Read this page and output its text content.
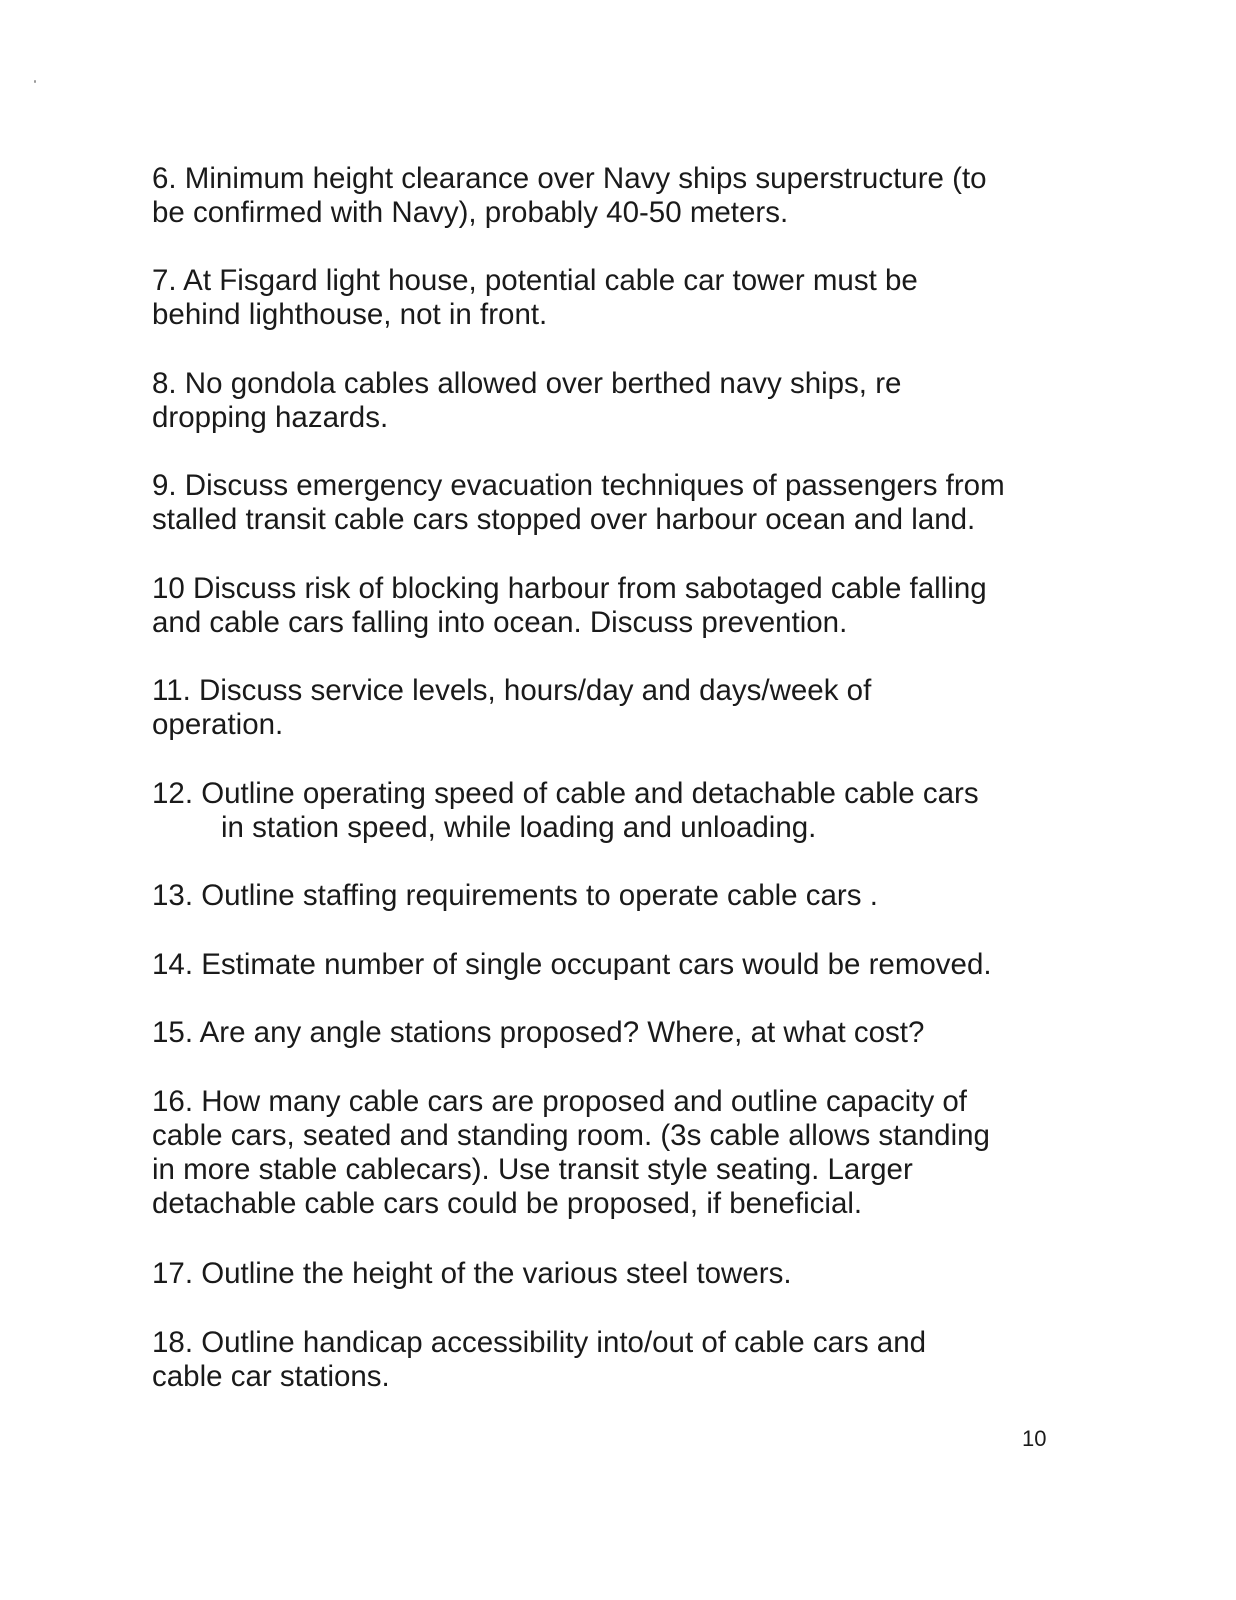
6. Minimum height clearance over Navy ships superstructure (to
be confirmed with Navy), probably 40-50 meters.
7. At Fisgard light house, potential cable car tower must be
behind lighthouse, not in front.
8. No gondola cables allowed over berthed navy ships, re
dropping hazards.
9. Discuss emergency evacuation techniques of passengers from
stalled transit cable cars stopped over harbour ocean and land.
10 Discuss risk of blocking harbour from sabotaged cable falling
and cable cars falling into ocean. Discuss prevention.
11. Discuss service levels, hours/day and days/week of
operation.
12. Outline operating speed of cable and detachable cable cars
in station speed, while loading and unloading.
13. Outline staffing requirements to operate cable cars .
14. Estimate number of single occupant cars would be removed.
15. Are any angle stations proposed? Where, at what cost?
16. How many cable cars are proposed and outline capacity of
cable cars, seated and standing room. (3s cable allows standing
in more stable cablecars). Use transit style seating. Larger
detachable cable cars could be proposed, if beneficial.
17. Outline the height of the various steel towers.
18. Outline handicap accessibility into/out of cable cars and
cable car stations.
10
